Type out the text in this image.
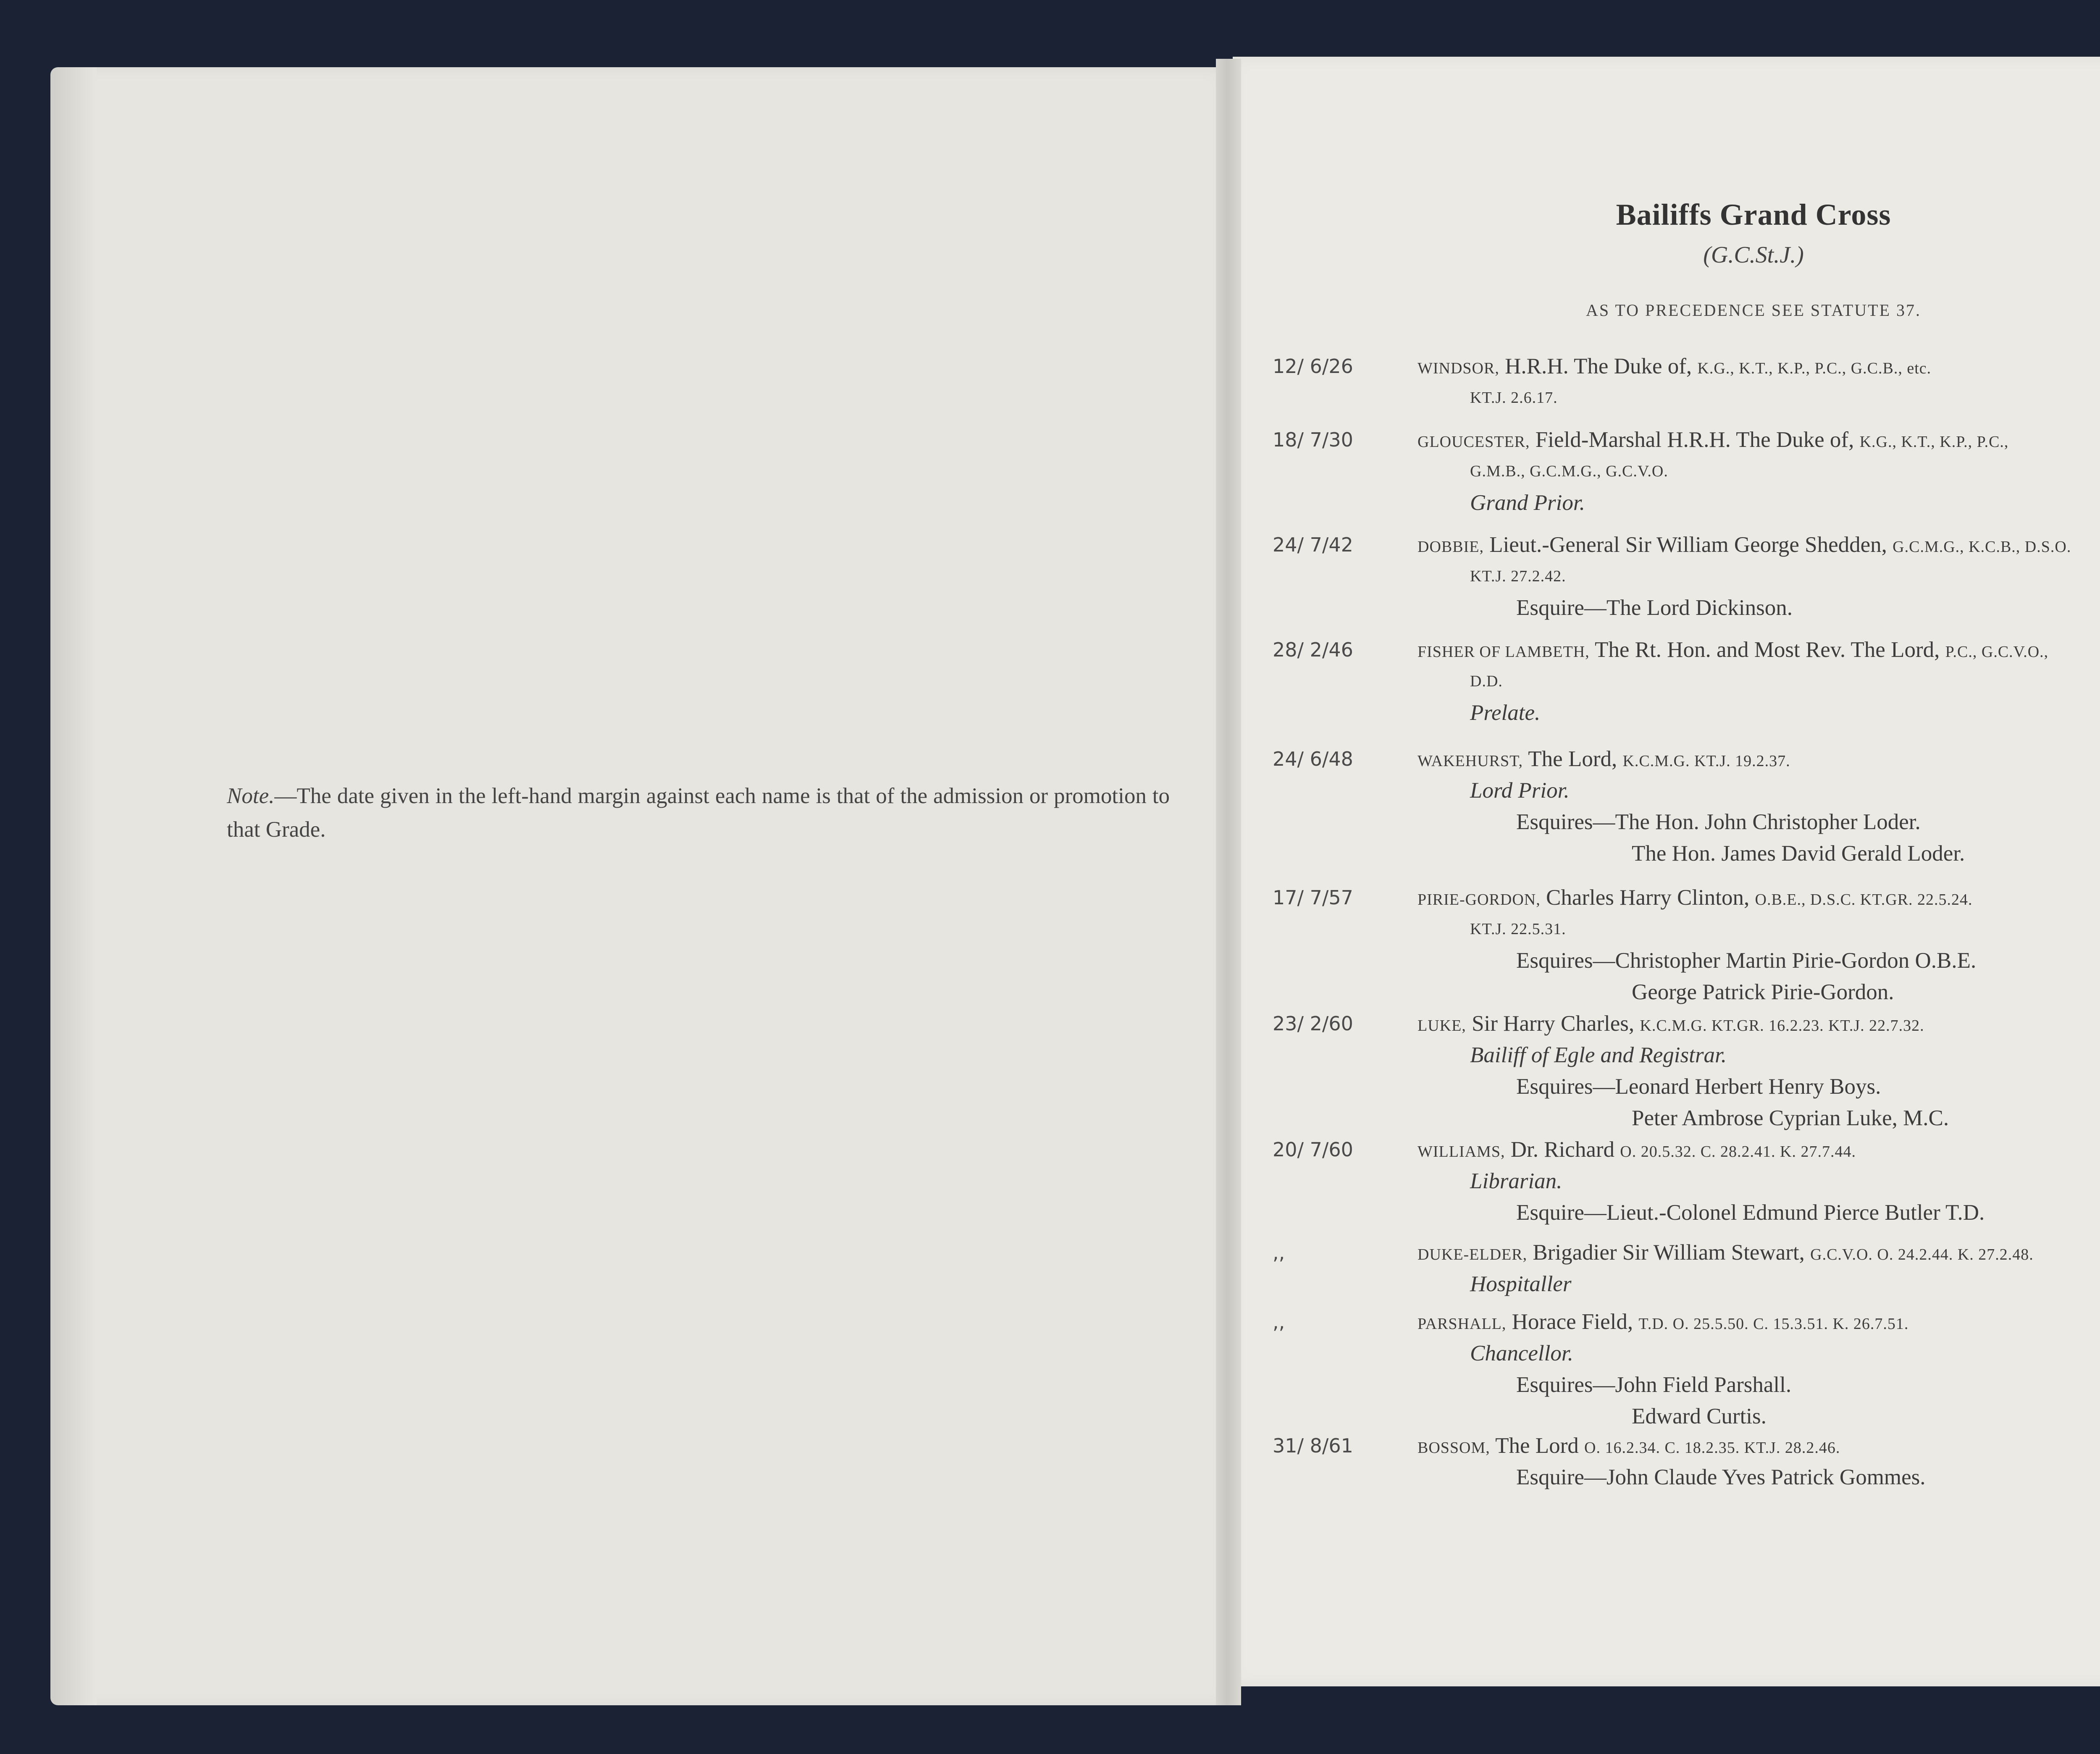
Note.—The date given in the left-hand margin against each name is that of the admission or promotion to that Grade.
Bailiffs Grand Cross
(G.C.St.J.)
AS TO PRECEDENCE SEE STATUTE 37.
12/ 6/26	WINDSOR, H.R.H. The Duke of, K.G., K.T., K.P., P.C., G.C.B., etc.
KT.J. 2.6.17.
18/ 7/30	GLOUCESTER, Field-Marshal H.R.H. The Duke of, K.G., K.T., K.P., P.C.,
G.M.B., G.C.M.G., G.C.V.O.
Grand Prior.
24/ 7/42	DOBBIE, Lieut.-General Sir William George Shedden, G.C.M.G., K.C.B., D.S.O.
KT.J. 27.2.42.
Esquire—The Lord Dickinson.
28/ 2/46	FISHER OF LAMBETH, The Rt. Hon. and Most Rev. The Lord, P.C., G.C.V.O.,
D.D.
Prelate.
24/ 6/48	WAKEHURST, The Lord, K.C.M.G. KT.J. 19.2.37.
Lord Prior.
Esquires—The Hon. John Christopher Loder.
The Hon. James David Gerald Loder.
17/ 7/57	PIRIE-GORDON, Charles Harry Clinton, O.B.E., D.S.C. KT.GR. 22.5.24.
KT.J. 22.5.31.
Esquires—Christopher Martin Pirie-Gordon O.B.E.
George Patrick Pirie-Gordon.
23/ 2/60	LUKE, Sir Harry Charles, K.C.M.G. KT.GR. 16.2.23. KT.J. 22.7.32.
Bailiff of Egle and Registrar.
Esquires—Leonard Herbert Henry Boys.
Peter Ambrose Cyprian Luke, M.C.
20/ 7/60	WILLIAMS, Dr. Richard O. 20.5.32. C. 28.2.41. K. 27.7.44.
Librarian.
Esquire—Lieut.-Colonel Edmund Pierce Butler T.D.
,,	DUKE-ELDER, Brigadier Sir William Stewart, G.C.V.O. O. 24.2.44. K. 27.2.48.
Hospitaller
,,	PARSHALL, Horace Field, T.D. O. 25.5.50. C. 15.3.51. K. 26.7.51.
Chancellor.
Esquires—John Field Parshall.
Edward Curtis.
31/ 8/61	BOSSOM, The Lord O. 16.2.34. C. 18.2.35. KT.J. 28.2.46.
Esquire—John Claude Yves Patrick Gommes.
